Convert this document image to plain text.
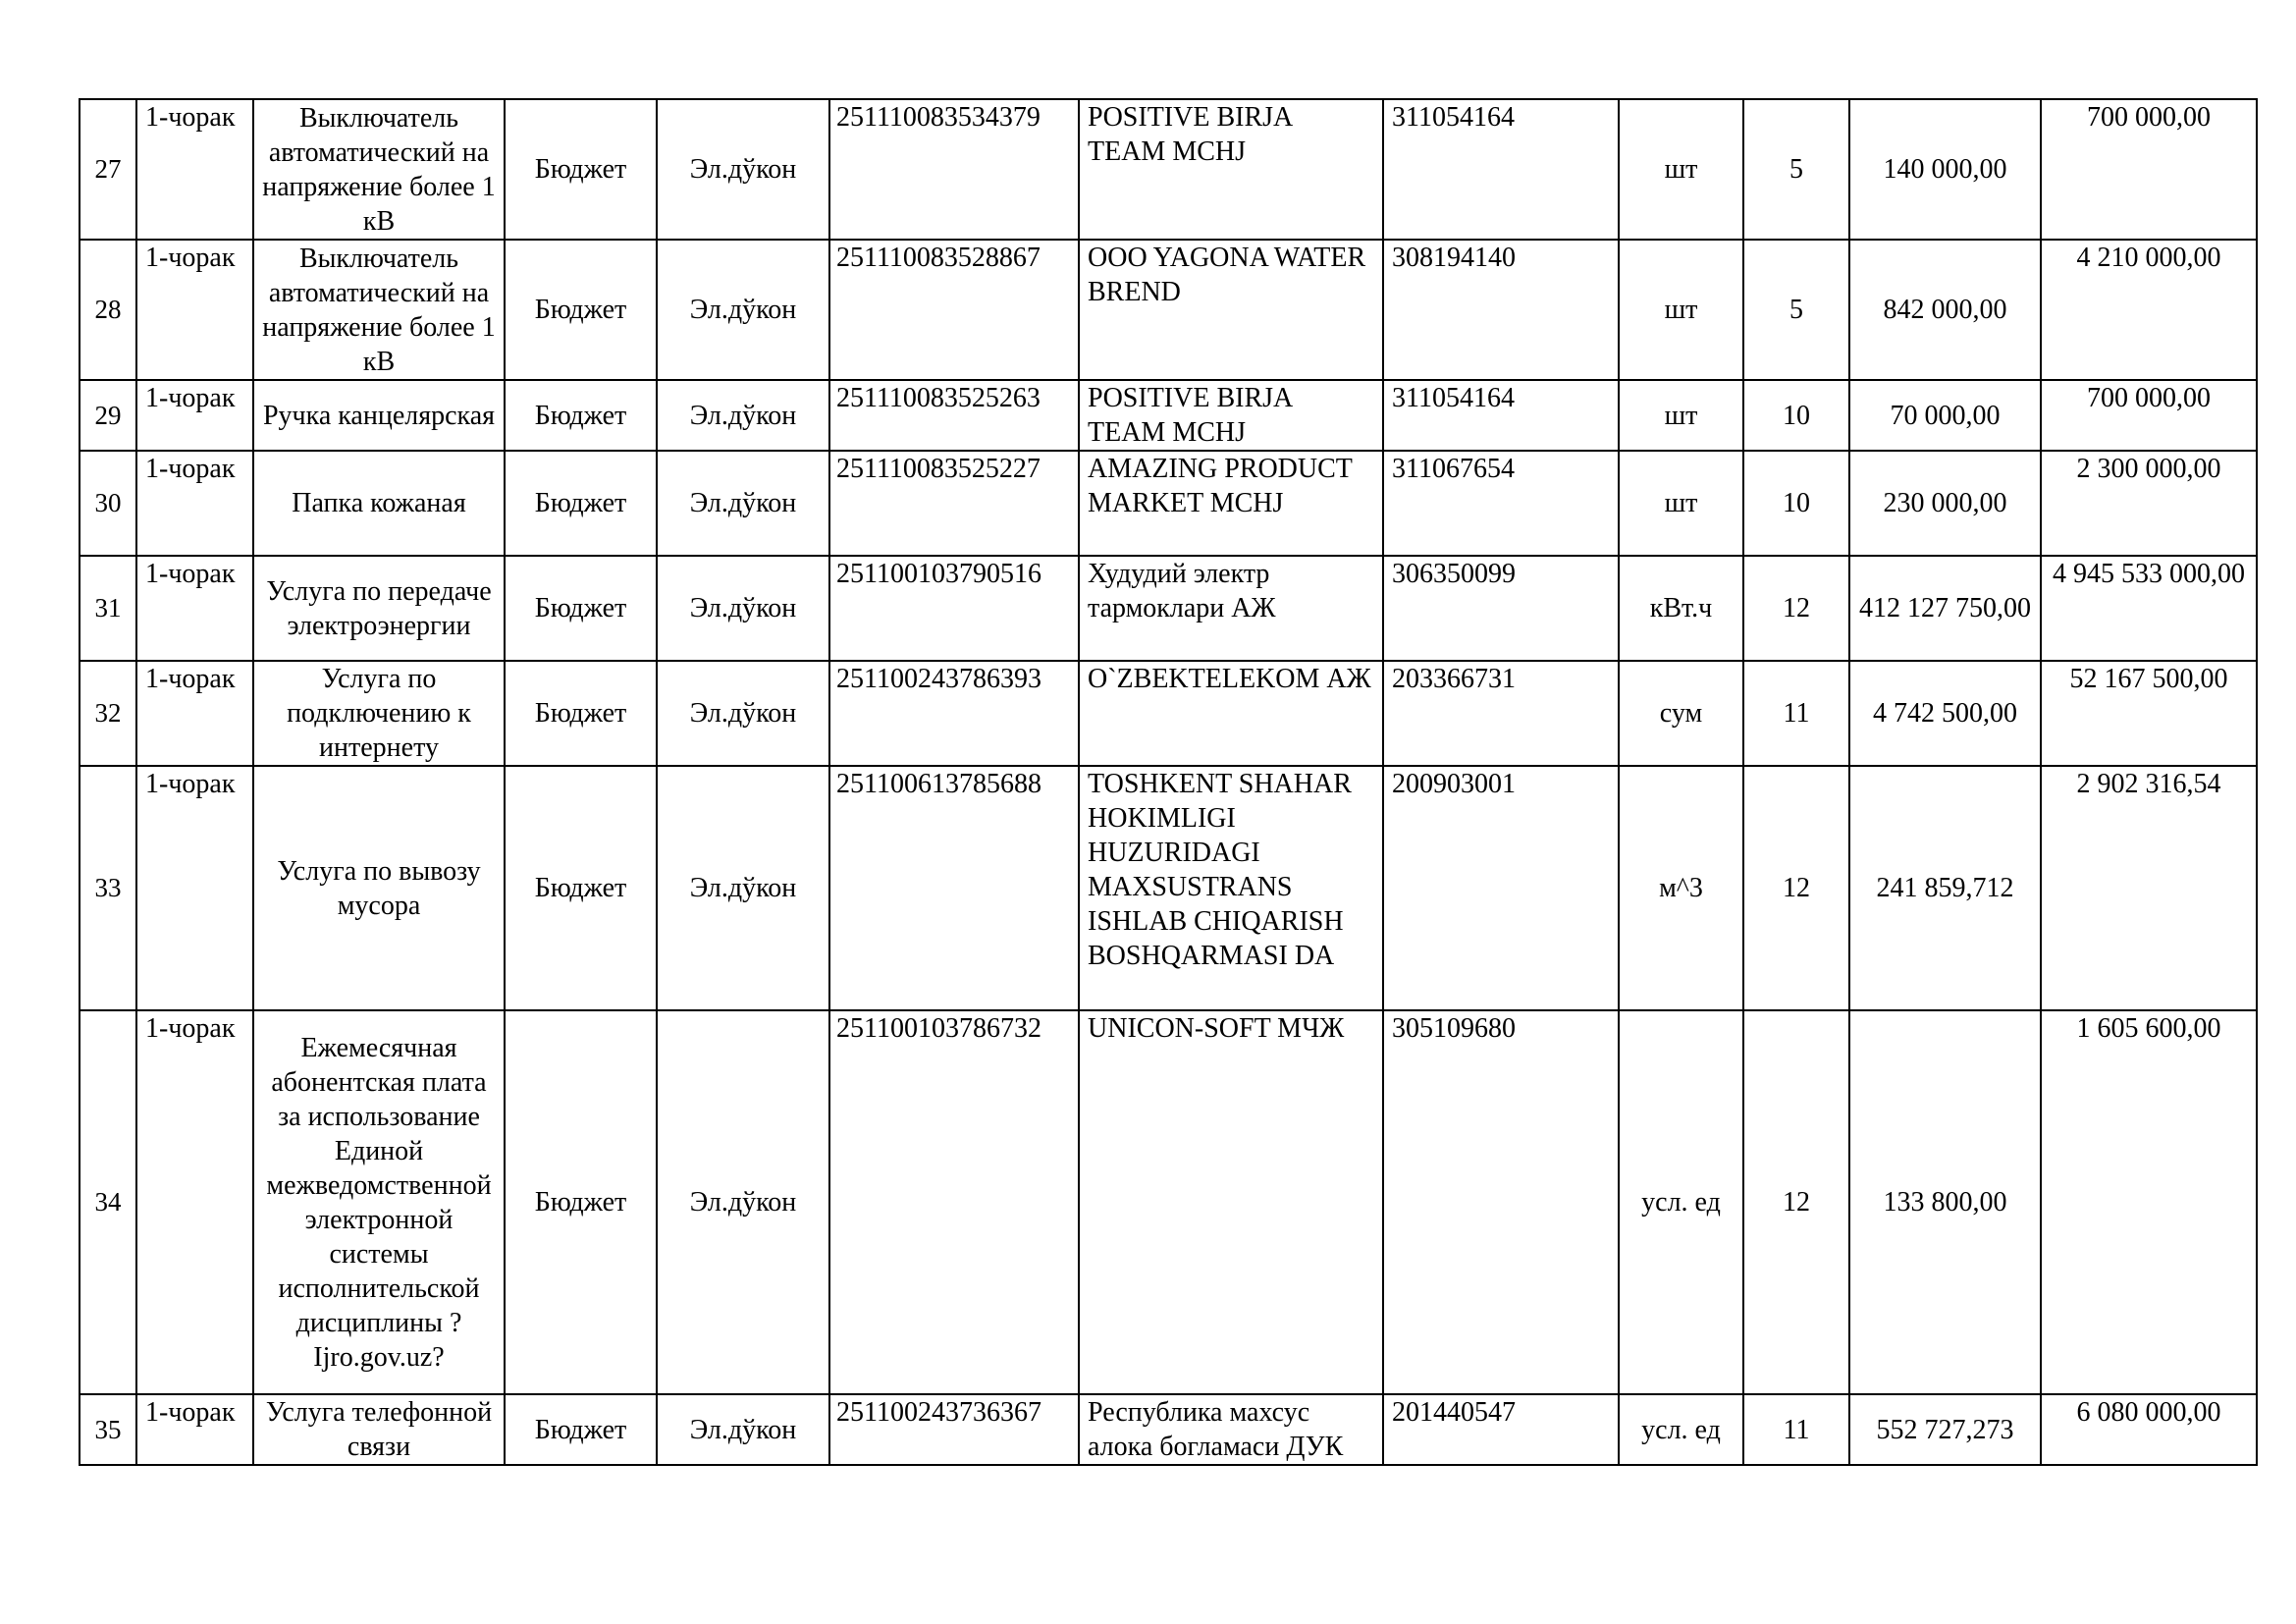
27	1-чорак	Выключатель автоматический на напряжение более 1 кВ	Бюджет	Эл.дўкон	251110083534379	POSITIVE BIRJA TEAM MCHJ	311054164	шт	5	140 000,00	700 000,00
28	1-чорак	Выключатель автоматический на напряжение более 1 кВ	Бюджет	Эл.дўкон	251110083528867	OOO YAGONA WATER BREND	308194140	шт	5	842 000,00	4 210 000,00
29	1-чорак	Ручка канцелярская	Бюджет	Эл.дўкон	251110083525263	POSITIVE BIRJA TEAM MCHJ	311054164	шт	10	70 000,00	700 000,00
30	1-чорак	Папка кожаная	Бюджет	Эл.дўкон	251110083525227	AMAZING PRODUCT MARKET MCHJ	311067654	шт	10	230 000,00	2 300 000,00
31	1-чорак	Услуга по передаче электроэнергии	Бюджет	Эл.дўкон	251100103790516	Худудий электр тармоклари АЖ	306350099	кВт.ч	12	412 127 750,00	4 945 533 000,00
32	1-чорак	Услуга по подключению к интернету	Бюджет	Эл.дўкон	251100243786393	O`ZBEKTELEKOM АЖ	203366731	сум	11	4 742 500,00	52 167 500,00
33	1-чорак	Услуга по вывозу мусора	Бюджет	Эл.дўкон	251100613785688	TOSHKENT SHAHAR HOKIMLIGI HUZURIDAGI MAXSUSTRANS ISHLAB CHIQARISH BOSHQARMASI DA	200903001	м^3	12	241 859,712	2 902 316,54
34	1-чорак	Ежемесячная абонентская плата за использование Единой межведомственной электронной системы исполнительской дисциплины ?Ijro.gov.uz?	Бюджет	Эл.дўкон	251100103786732	UNICON-SOFT МЧЖ	305109680	усл. ед	12	133 800,00	1 605 600,00
35	1-чорак	Услуга телефонной связи	Бюджет	Эл.дўкон	251100243736367	Республика махсус алока богламаси ДУК	201440547	усл. ед	11	552 727,273	6 080 000,00
